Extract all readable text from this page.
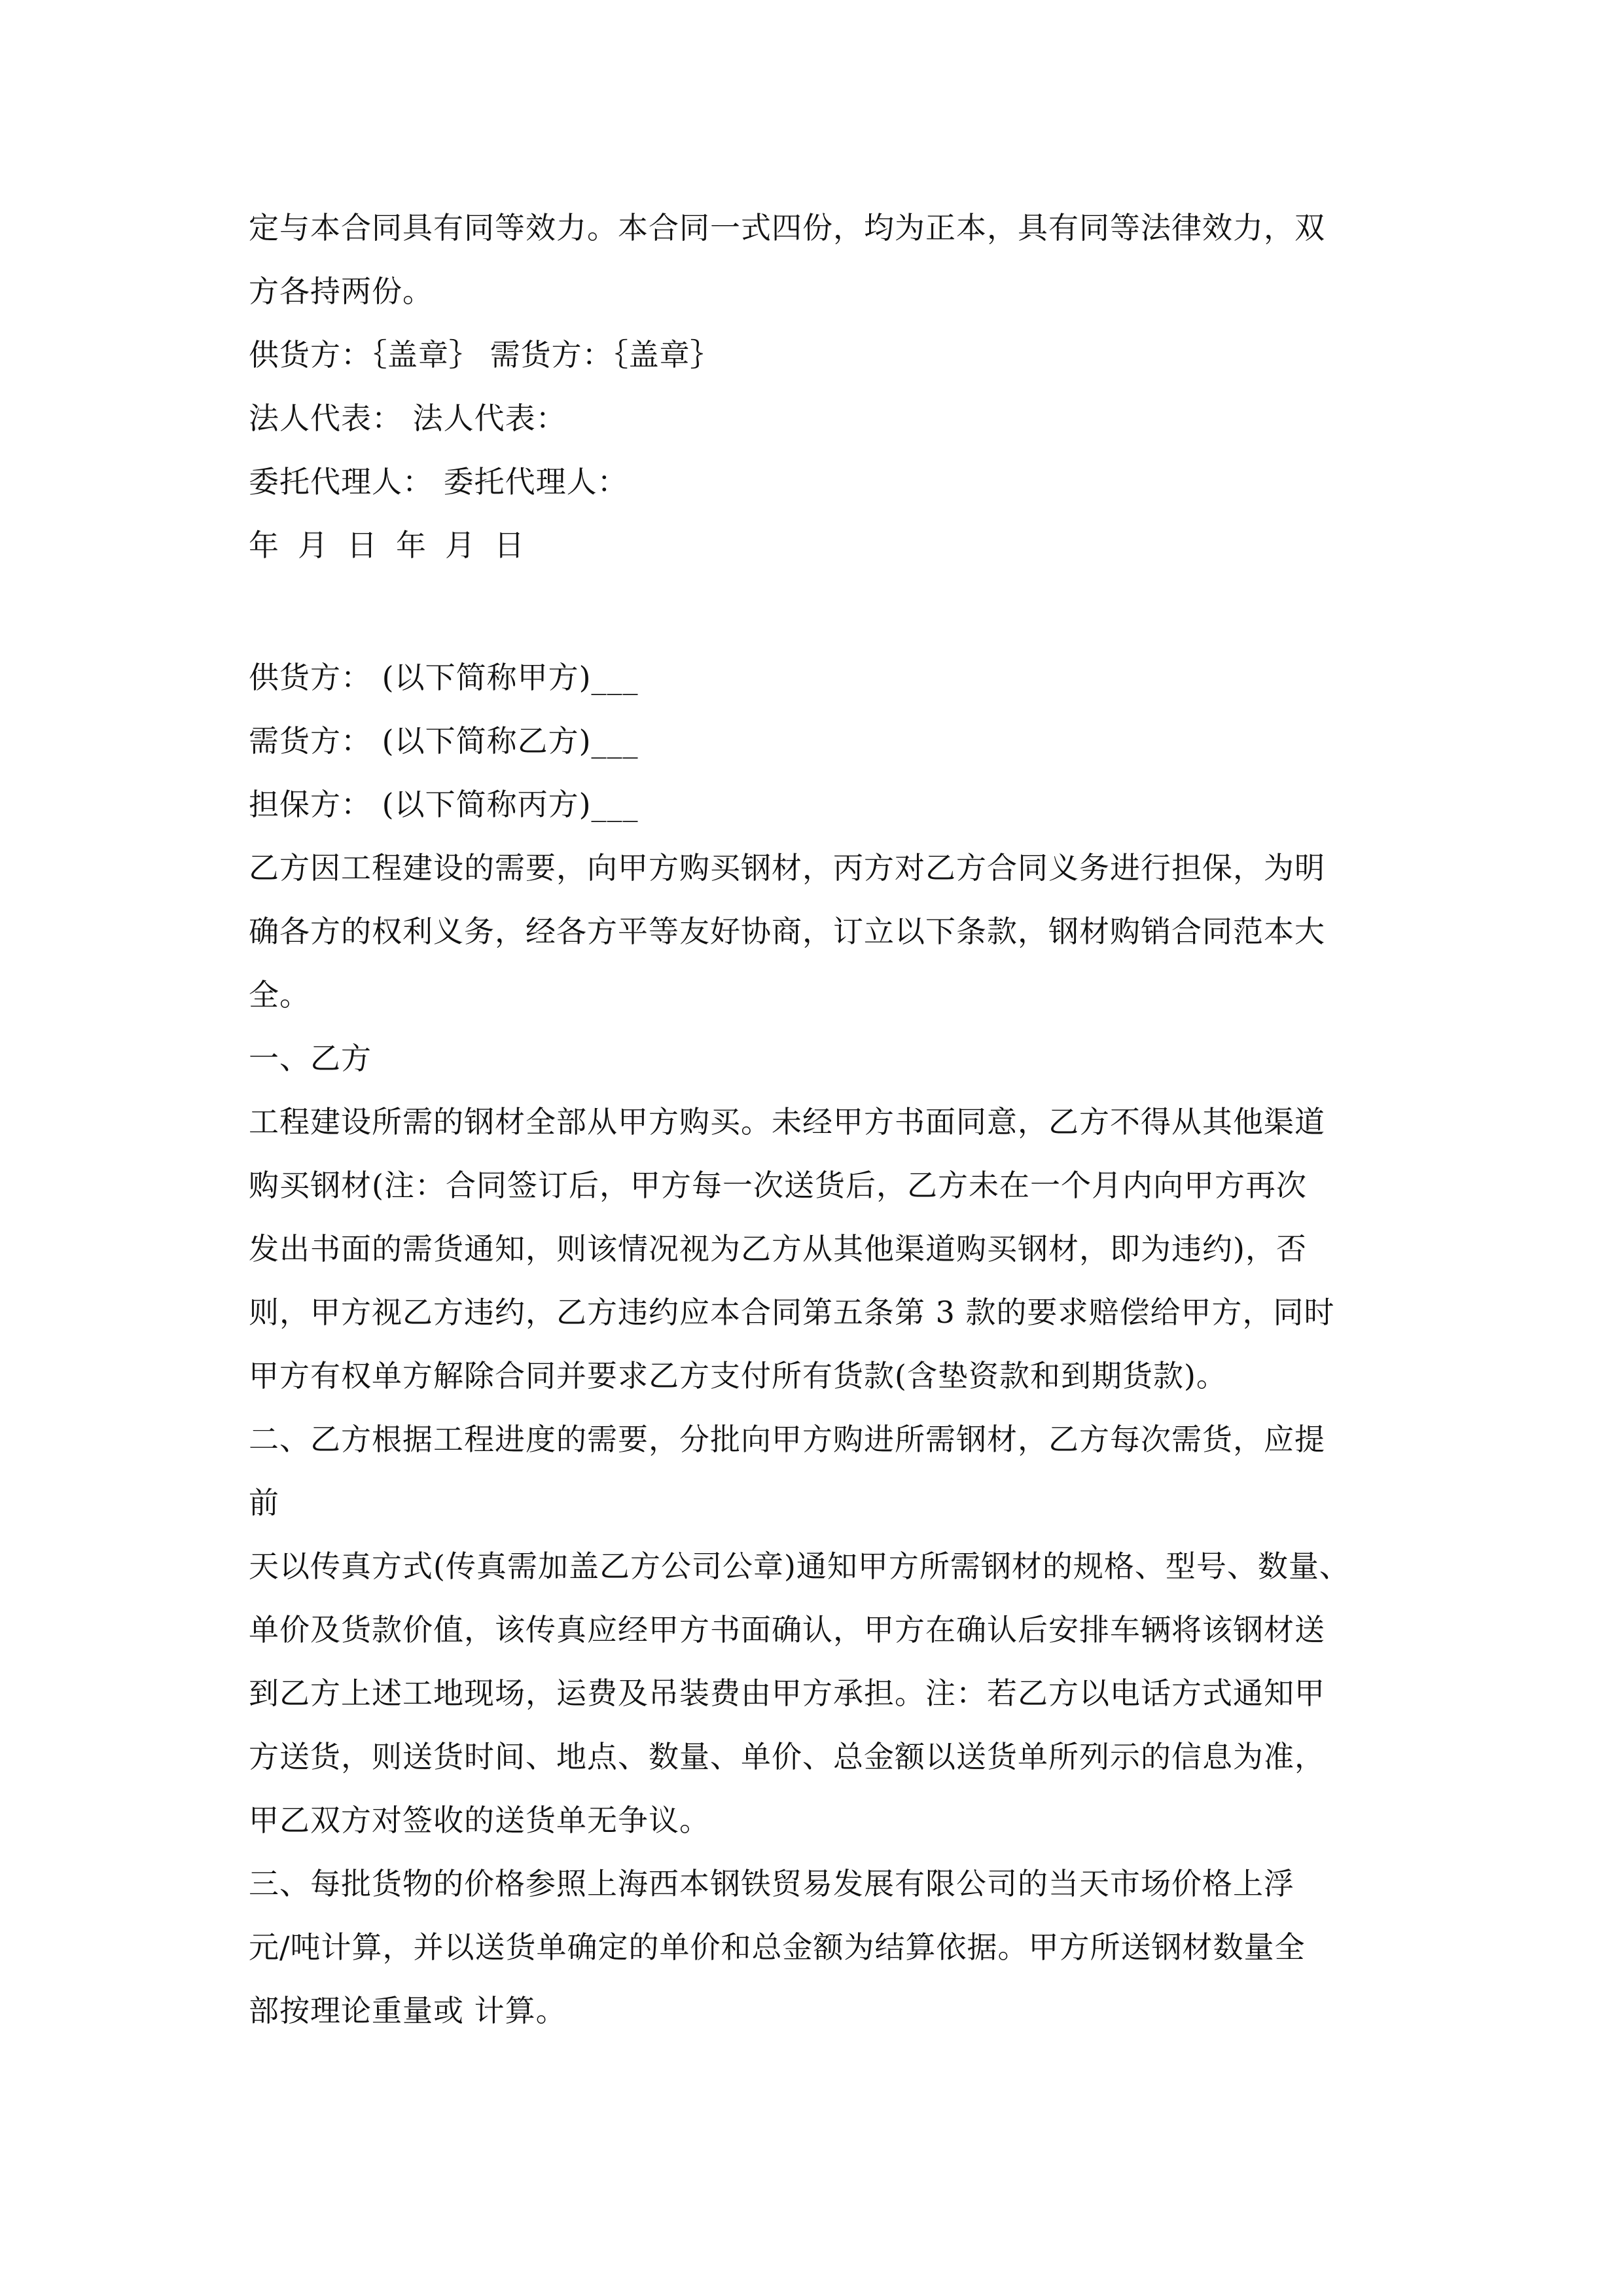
定与本合同具有同等效力。本合同一式四份，均为正本，具有同等法律效力，双
方各持两份。
供货方：｛盖章｝ 需货方：｛盖章｝
法人代表： 法人代表：
委托代理人： 委托代理人：
年 月 日 年 月 日
供货方： (以下简称甲方)___
需货方： (以下简称乙方)___
担保方： (以下简称丙方)___
乙方因工程建设的需要，向甲方购买钢材，丙方对乙方合同义务进行担保，为明
确各方的权利义务，经各方平等友好协商，订立以下条款，钢材购销合同范本大
全。
一、乙方
工程建设所需的钢材全部从甲方购买。未经甲方书面同意，乙方不得从其他渠道
购买钢材(注：合同签订后，甲方每一次送货后，乙方未在一个月内向甲方再次
发出书面的需货通知，则该情况视为乙方从其他渠道购买钢材，即为违约)，否
则，甲方视乙方违约，乙方违约应本合同第五条第 3 款的要求赔偿给甲方，同时
甲方有权单方解除合同并要求乙方支付所有货款(含垫资款和到期货款)。
二、乙方根据工程进度的需要，分批向甲方购进所需钢材，乙方每次需货，应提
前
天以传真方式(传真需加盖乙方公司公章)通知甲方所需钢材的规格、型号、数量、
单价及货款价值，该传真应经甲方书面确认，甲方在确认后安排车辆将该钢材送
到乙方上述工地现场，运费及吊装费由甲方承担。注：若乙方以电话方式通知甲
方送货，则送货时间、地点、数量、单价、总金额以送货单所列示的信息为准，
甲乙双方对签收的送货单无争议。
三、每批货物的价格参照上海西本钢铁贸易发展有限公司的当天市场价格上浮
元/吨计算，并以送货单确定的单价和总金额为结算依据。甲方所送钢材数量全
部按理论重量或 计算。
